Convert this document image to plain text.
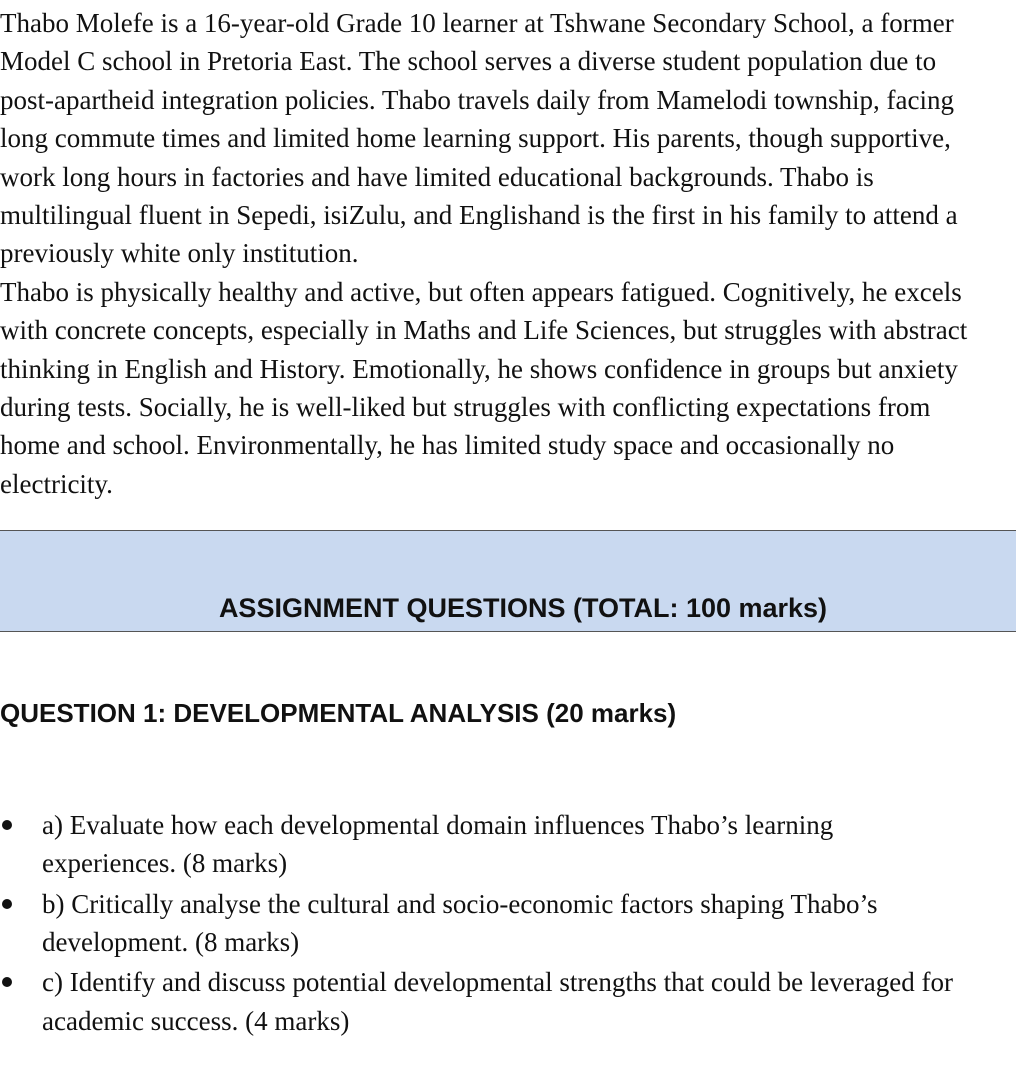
Thabo Molefe is a 16-year-old Grade 10 learner at Tshwane Secondary School, a former
Model C school in Pretoria East. The school serves a diverse student population due to
post-apartheid integration policies. Thabo travels daily from Mamelodi township, facing
long commute times and limited home learning support. His parents, though supportive,
work long hours in factories and have limited educational backgrounds. Thabo is
multilingual fluent in Sepedi, isiZulu, and Englishand is the first in his family to attend a
previously white only institution.
Thabo is physically healthy and active, but often appears fatigued. Cognitively, he excels
with concrete concepts, especially in Maths and Life Sciences, but struggles with abstract
thinking in English and History. Emotionally, he shows confidence in groups but anxiety
during tests. Socially, he is well-liked but struggles with conflicting expectations from
home and school. Environmentally, he has limited study space and occasionally no
electricity.
ASSIGNMENT QUESTIONS (TOTAL: 100 marks)
QUESTION 1: DEVELOPMENTAL ANALYSIS (20 marks)
a) Evaluate how each developmental domain influences Thabo’s learning
experiences. (8 marks)
b) Critically analyse the cultural and socio-economic factors shaping Thabo’s
development. (8 marks)
c) Identify and discuss potential developmental strengths that could be leveraged for
academic success. (4 marks)
